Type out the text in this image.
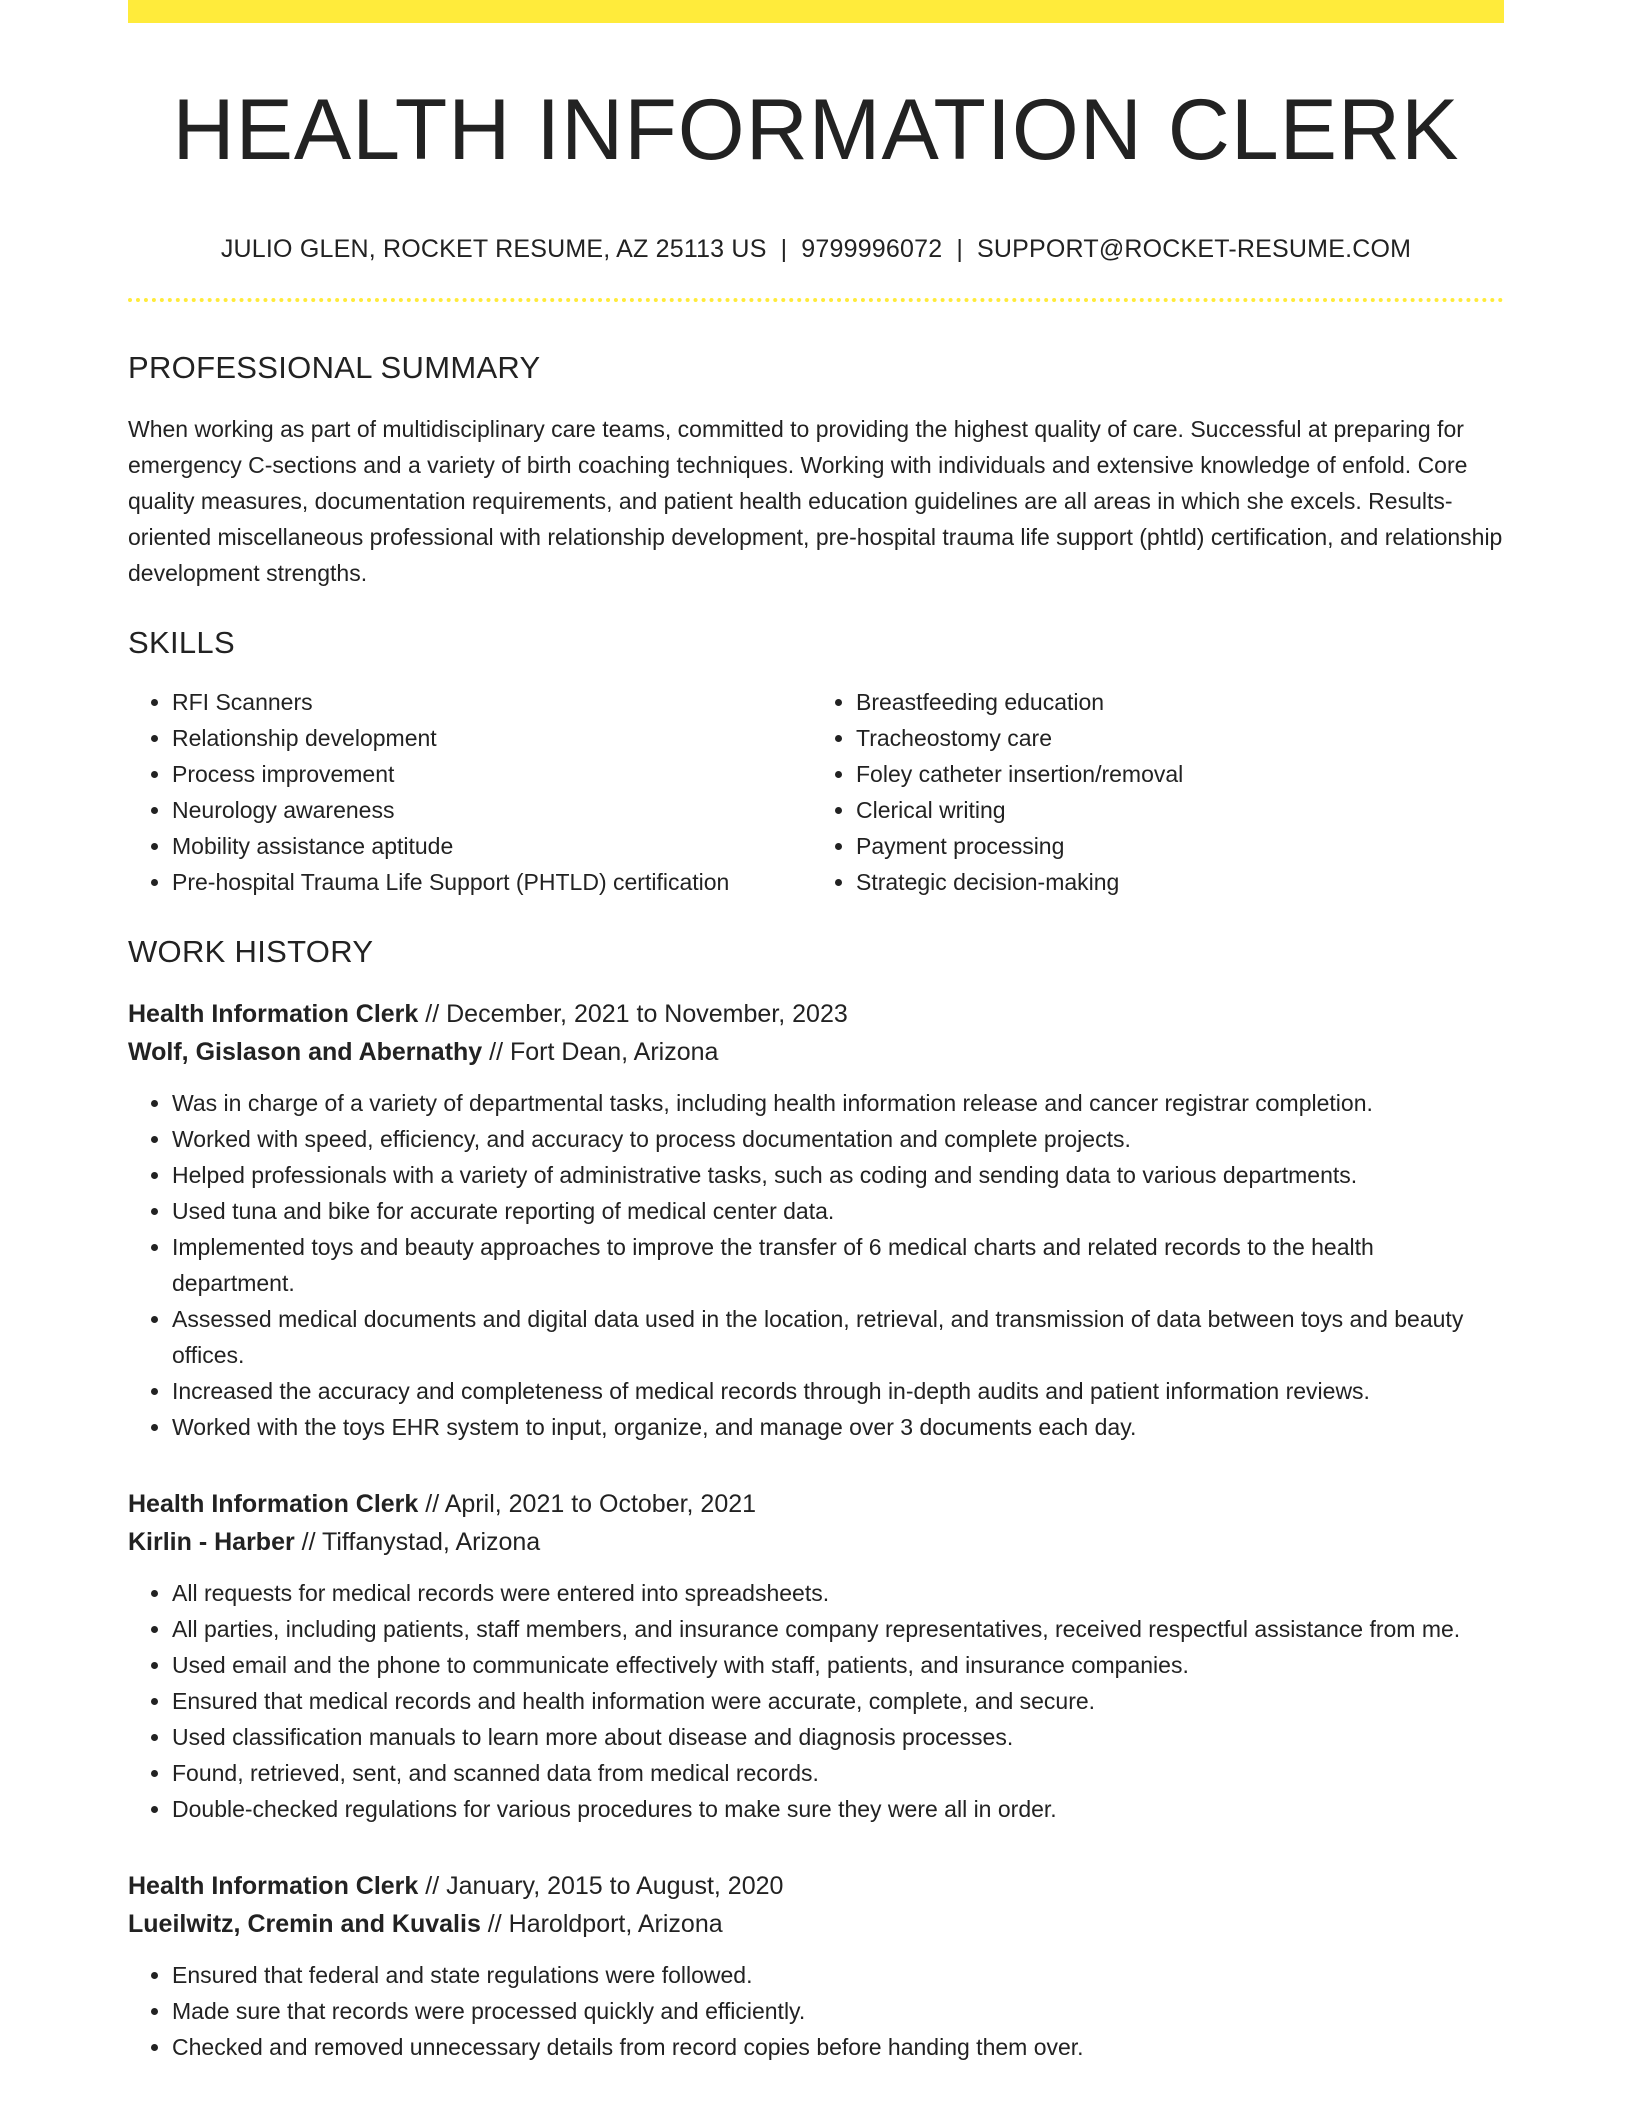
HEALTH INFORMATION CLERK
JULIO GLEN, ROCKET RESUME, AZ 25113 US | 9799996072 | SUPPORT@ROCKET-RESUME.COM
PROFESSIONAL SUMMARY

When working as part of multidisciplinary care teams, committed to providing the highest quality of care. Successful at preparing for emergency C-sections and a variety of birth coaching techniques. Working with individuals and extensive knowledge of enfold. Core quality measures, documentation requirements, and patient health education guidelines are all areas in which she excels. Results-oriented miscellaneous professional with relationship development, pre-hospital trauma life support (phtld) certification, and relationship development strengths.

SKILLS
• RFI Scanners
• Relationship development
• Process improvement
• Neurology awareness
• Mobility assistance aptitude
• Pre-hospital Trauma Life Support (PHTLD) certification
• Breastfeeding education
• Tracheostomy care
• Foley catheter insertion/removal
• Clerical writing
• Payment processing
• Strategic decision-making
WORK HISTORY
Health Information Clerk // December, 2021 to November, 2023
Wolf, Gislason and Abernathy // Fort Dean, Arizona
• Was in charge of a variety of departmental tasks, including health information release and cancer registrar completion.
• Worked with speed, efficiency, and accuracy to process documentation and complete projects.
• Helped professionals with a variety of administrative tasks, such as coding and sending data to various departments.
• Used tuna and bike for accurate reporting of medical center data.
• Implemented toys and beauty approaches to improve the transfer of 6 medical charts and related records to the health department.
• Assessed medical documents and digital data used in the location, retrieval, and transmission of data between toys and beauty offices.
• Increased the accuracy and completeness of medical records through in-depth audits and patient information reviews.
• Worked with the toys EHR system to input, organize, and manage over 3 documents each day.
Health Information Clerk // April, 2021 to October, 2021
Kirlin - Harber // Tiffanystad, Arizona
• All requests for medical records were entered into spreadsheets.
• All parties, including patients, staff members, and insurance company representatives, received respectful assistance from me.
• Used email and the phone to communicate effectively with staff, patients, and insurance companies.
• Ensured that medical records and health information were accurate, complete, and secure.
• Used classification manuals to learn more about disease and diagnosis processes.
• Found, retrieved, sent, and scanned data from medical records.
• Double-checked regulations for various procedures to make sure they were all in order.
Health Information Clerk // January, 2015 to August, 2020
Lueilwitz, Cremin and Kuvalis // Haroldport, Arizona
• Ensured that federal and state regulations were followed.
• Made sure that records were processed quickly and efficiently.
• Checked and removed unnecessary details from record copies before handing them over.
